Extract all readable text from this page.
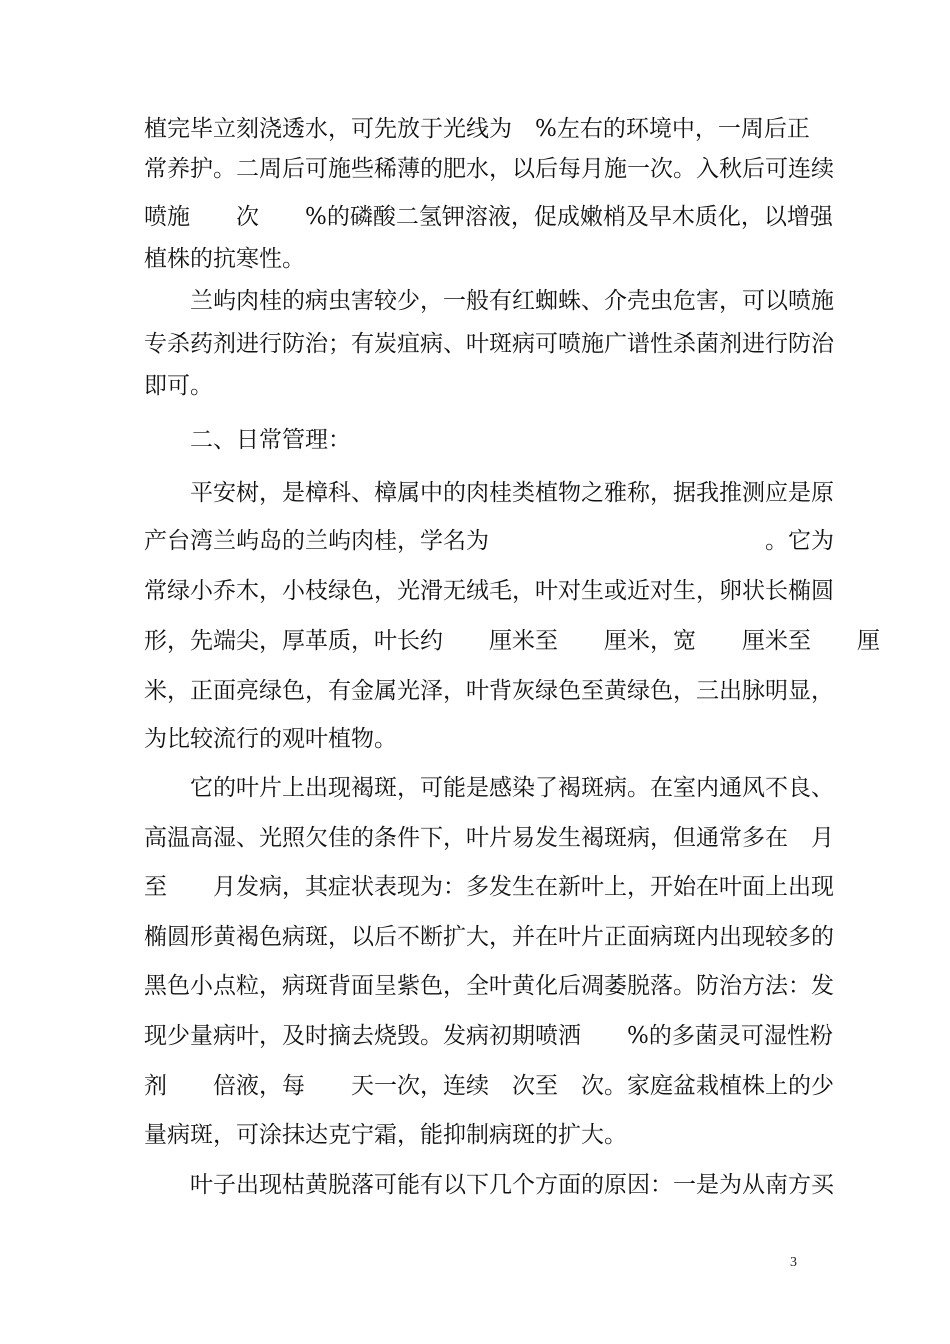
植完毕立刻浇透水，可先放于光线为　%左右的环境中，一周后正
常养护。二周后可施些稀薄的肥水，以后每月施一次。入秋后可连续
喷施　　次　　%的磷酸二氢钾溶液，促成嫩梢及早木质化，以增强
植株的抗寒性。
兰屿肉桂的病虫害较少，一般有红蜘蛛、介壳虫危害，可以喷施
专杀药剂进行防治；有炭疽病、叶斑病可喷施广谱性杀菌剂进行防治
即可。
二、日常管理：
平安树，是樟科、樟属中的肉桂类植物之雅称，据我推测应是原
产台湾兰屿岛的兰屿肉桂，学名为　　　　　　　　　　　　。它为
常绿小乔木，小枝绿色，光滑无绒毛，叶对生或近对生，卵状长椭圆
形，先端尖，厚革质，叶长约　　厘米至　　厘米，宽　　厘米至　　厘
米，正面亮绿色，有金属光泽，叶背灰绿色至黄绿色，三出脉明显，
为比较流行的观叶植物。
它的叶片上出现褐斑，可能是感染了褐斑病。在室内通风不良、
高温高湿、光照欠佳的条件下，叶片易发生褐斑病，但通常多在　月
至　　月发病，其症状表现为：多发生在新叶上，开始在叶面上出现
椭圆形黄褐色病斑，以后不断扩大，并在叶片正面病斑内出现较多的
黑色小点粒，病斑背面呈紫色，全叶黄化后凋萎脱落。防治方法：发
现少量病叶，及时摘去烧毁。发病初期喷洒　　%的多菌灵可湿性粉
剂　　倍液，每　　天一次，连续　次至　次。家庭盆栽植株上的少
量病斑，可涂抹达克宁霜，能抑制病斑的扩大。
叶子出现枯黄脱落可能有以下几个方面的原因：一是为从南方买
3
